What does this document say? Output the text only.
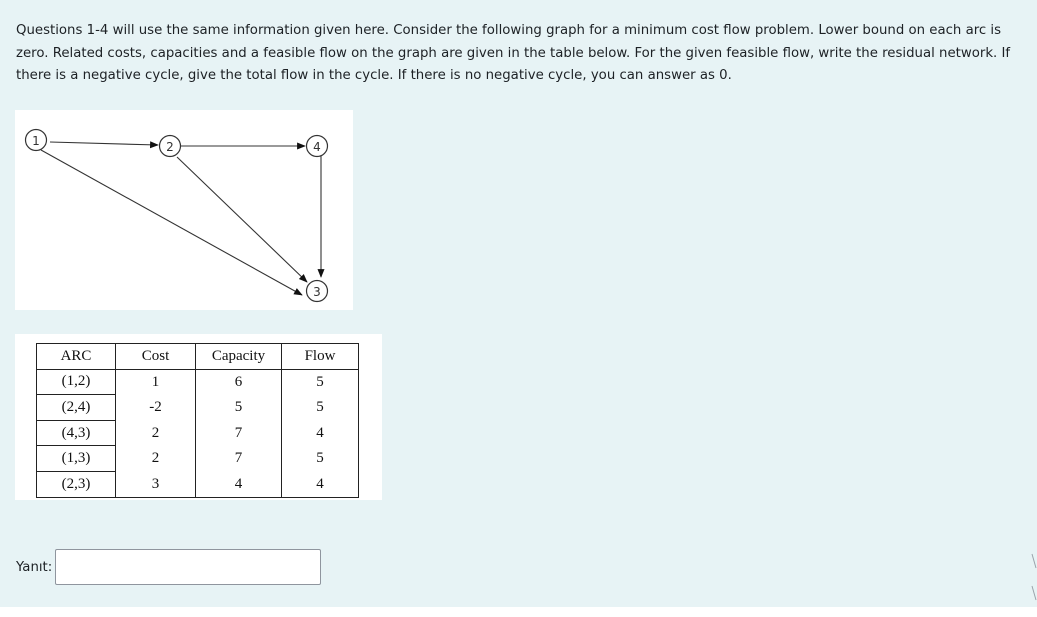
Questions 1-4 will use the same information given here. Consider the following graph for a minimum cost flow problem. Lower bound on each arc is zero. Related costs, capacities and a feasible flow on the graph are given in the table below. For the given feasible flow, write the residual network. If there is a negative cycle, give the total flow in the cycle. If there is no negative cycle, you can answer as 0.

1	2	4
3
ARC	Cost	Capacity	Flow
(1,2)	1	6	5
(2,4)	-2	5	5
(4,3)	2	7	4
(1,3)	2	7	5
(2,3)	3	4	4
Yanıt:
